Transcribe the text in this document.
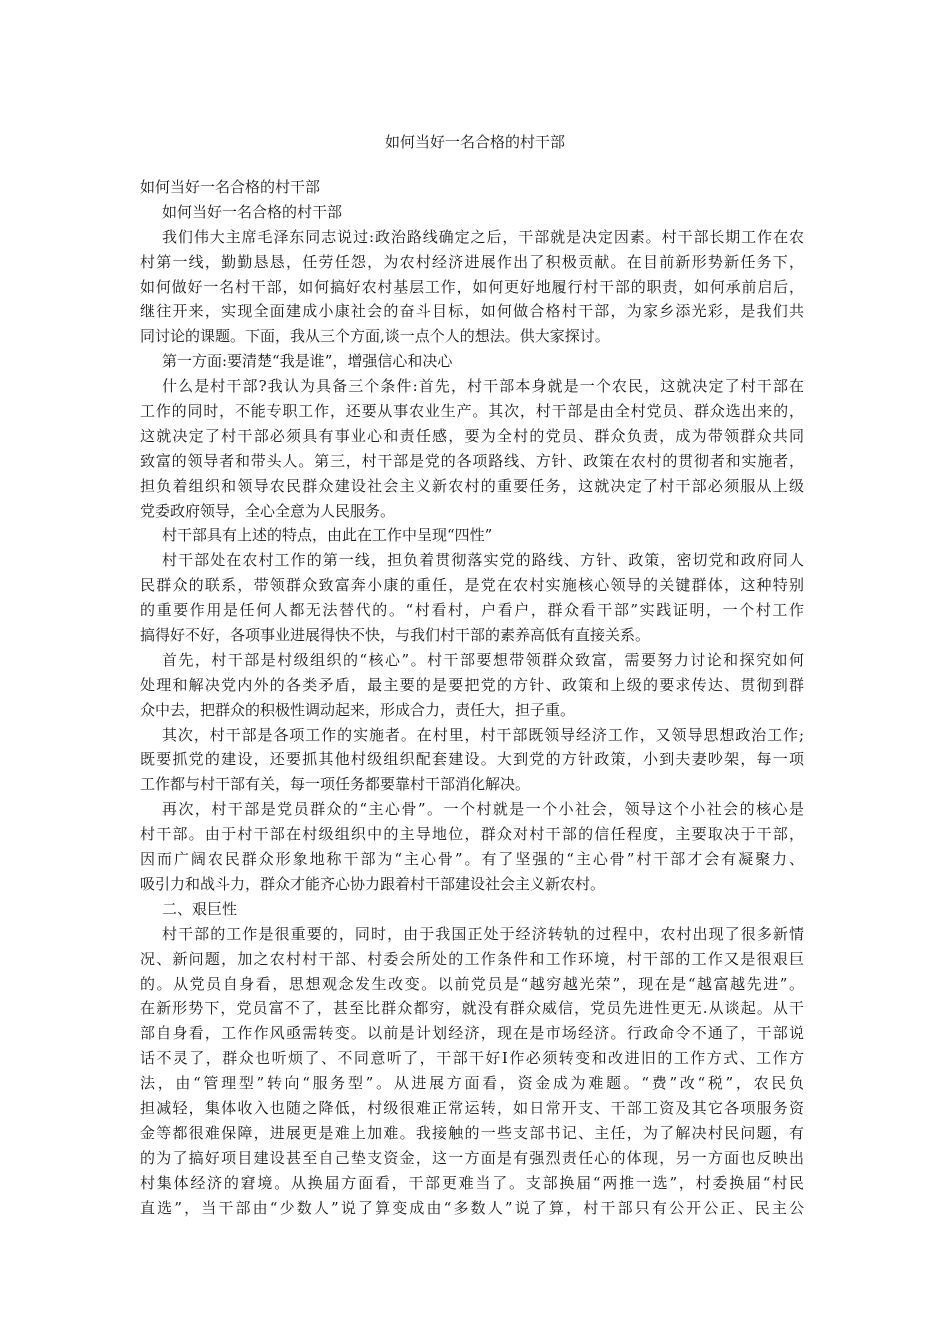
如何当好一名合格的村干部
如何当好一名合格的村干部
如何当好一名合格的村干部
我们伟大主席毛泽东同志说过:政治路线确定之后，干部就是决定因素。村干部长期工作在农
村第一线，勤勤恳恳，任劳任怨，为农村经济进展作出了积极贡献。在目前新形势新任务下，
如何做好一名村干部，如何搞好农村基层工作，如何更好地履行村干部的职责，如何承前启后，
继往开来，实现全面建成小康社会的奋斗目标，如何做合格村干部，为家乡添光彩，是我们共
同讨论的课题。下面，我从三个方面,谈一点个人的想法。供大家探讨。
第一方面:要清楚“我是谁”，增强信心和决心
什么是村干部?我认为具备三个条件:首先，村干部本身就是一个农民，这就决定了村干部在
工作的同时，不能专职工作，还要从事农业生产。其次，村干部是由全村党员、群众选出来的，
这就决定了村干部必须具有事业心和责任感，要为全村的党员、群众负责，成为带领群众共同
致富的领导者和带头人。第三，村干部是党的各项路线、方针、政策在农村的贯彻者和实施者，
担负着组织和领导农民群众建设社会主义新农村的重要任务，这就决定了村干部必须服从上级
党委政府领导，全心全意为人民服务。
村干部具有上述的特点，由此在工作中呈现“四性”
村干部处在农村工作的第一线，担负着贯彻落实党的路线、方针、政策，密切党和政府同人
民群众的联系，带领群众致富奔小康的重任，是党在农村实施核心领导的关键群体，这种特别
的重要作用是任何人都无法替代的。“村看村，户看户，群众看干部”实践证明，一个村工作
搞得好不好，各项事业进展得快不快，与我们村干部的素养高低有直接关系。
首先，村干部是村级组织的“核心”。村干部要想带领群众致富，需要努力讨论和探究如何
处理和解决党内外的各类矛盾，最主要的是要把党的方针、政策和上级的要求传达、贯彻到群
众中去，把群众的积极性调动起来，形成合力，责任大，担子重。
其次，村干部是各项工作的实施者。在村里，村干部既领导经济工作，又领导思想政治工作;
既要抓党的建设，还要抓其他村级组织配套建设。大到党的方针政策，小到夫妻吵架，每一项
工作都与村干部有关，每一项任务都要靠村干部消化解决。
再次，村干部是党员群众的“主心骨”。一个村就是一个小社会，领导这个小社会的核心是
村干部。由于村干部在村级组织中的主导地位，群众对村干部的信任程度，主要取决于干部，
因而广阔农民群众形象地称干部为“主心骨”。有了坚强的“主心骨”村干部才会有凝聚力、
吸引力和战斗力，群众才能齐心协力跟着村干部建设社会主义新农村。
二、艰巨性
村干部的工作是很重要的，同时，由于我国正处于经济转轨的过程中，农村出现了很多新情
况、新问题，加之农村村干部、村委会所处的工作条件和工作环境，村干部的工作又是很艰巨
的。从党员自身看，思想观念发生改变。以前党员是“越穷越光荣”，现在是“越富越先进”。
在新形势下，党员富不了，甚至比群众都穷，就没有群众威信，党员先进性更无.从谈起。从干
部自身看，工作作风亟需转变。以前是计划经济，现在是市场经济。行政命令不通了，干部说
话不灵了，群众也听烦了、不同意听了，干部干好I作必须转变和改进旧的工作方式、工作方
法，由“管理型”转向“服务型”。从进展方面看，资金成为难题。“费”改“税”，农民负
担减轻，集体收入也随之降低，村级很难正常运转，如日常开支、干部工资及其它各项服务资
金等都很难保障，进展更是难上加难。我接触的一些支部书记、主任，为了解决村民问题，有
的为了搞好项目建设甚至自己垫支资金，这一方面是有强烈责任心的体现，另一方面也反映出
村集体经济的窘境。从换届方面看，干部更难当了。支部换届“两推一选”，村委换届“村民
直选”，当干部由“少数人”说了算变成由“多数人”说了算，村干部只有公开公正、民主公
